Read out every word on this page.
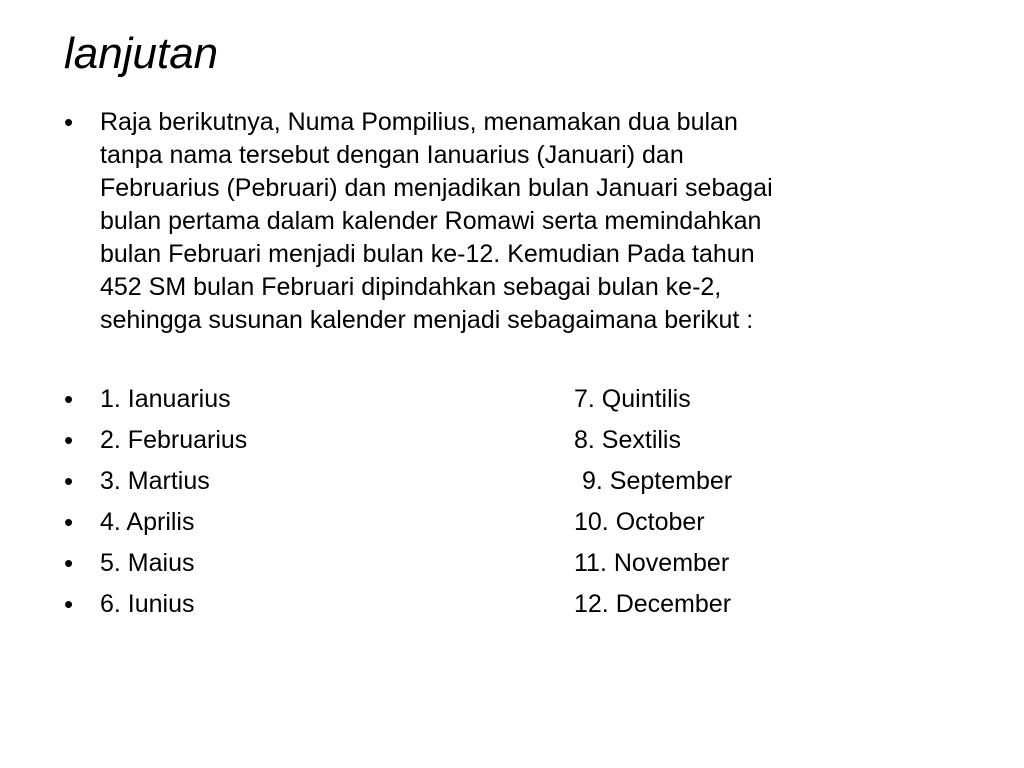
lanjutan
• Raja berikutnya, Numa Pompilius, menamakan dua bulan
tanpa nama tersebut dengan Ianuarius (Januari) dan
Februarius (Pebruari) dan menjadikan bulan Januari sebagai
bulan pertama dalam kalender Romawi serta memindahkan
bulan Februari menjadi bulan ke-12. Kemudian Pada tahun
452 SM bulan Februari dipindahkan sebagai bulan ke-2,
sehingga susunan kalender menjadi sebagaimana berikut :
• 1. Ianuarius	7. Quintilis
• 2. Februarius	8. Sextilis
• 3. Martius	9. September
• 4. Aprilis	10. October
• 5. Maius	11. November
• 6. Iunius	12. December
